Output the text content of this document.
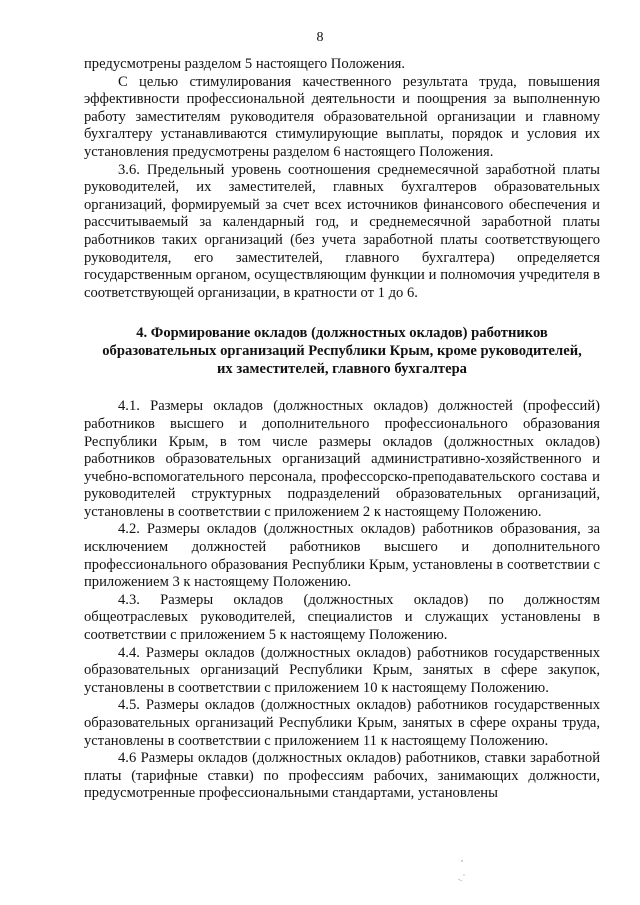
8

предусмотрены разделом 5 настоящего Положения.

С целью стимулирования качественного результата труда, повышения эффективности профессиональной деятельности и поощрения за выполненную работу заместителям руководителя образовательной организации и главному бухгалтеру устанавливаются стимулирующие выплаты, порядок и условия их установления предусмотрены разделом 6 настоящего Положения.

3.6. Предельный уровень соотношения среднемесячной заработной платы руководителей, их заместителей, главных бухгалтеров образовательных организаций, формируемый за счет всех источников финансового обеспечения и рассчитываемый за календарный год, и среднемесячной заработной платы работников таких организаций (без учета заработной платы соответствующего руководителя, его заместителей, главного бухгалтера) определяется государственным органом, осуществляющим функции и полномочия учредителя в соответствующей организации, в кратности от 1 до 6.

4. Формирование окладов (должностных окладов) работников
образовательных организаций Республики Крым, кроме руководителей,
их заместителей, главного бухгалтера

4.1. Размеры окладов (должностных окладов) должностей (профессий) работников высшего и дополнительного профессионального образования Республики Крым, в том числе размеры окладов (должностных окладов) работников образовательных организаций административно-хозяйственного и учебно-вспомогательного персонала, профессорско-преподавательского состава и руководителей структурных подразделений образовательных организаций, установлены в соответствии с приложением 2 к настоящему Положению.

4.2. Размеры окладов (должностных окладов) работников образования, за исключением должностей работников высшего и дополнительного профессионального образования Республики Крым, установлены в соответствии с приложением 3 к настоящему Положению.

4.3. Размеры окладов (должностных окладов) по должностям общеотраслевых руководителей, специалистов и служащих установлены в соответствии с приложением 5 к настоящему Положению.

4.4. Размеры окладов (должностных окладов) работников государственных образовательных организаций Республики Крым, занятых в сфере закупок, установлены в соответствии с приложением 10 к настоящему Положению.

4.5. Размеры окладов (должностных окладов) работников государственных образовательных организаций Республики Крым, занятых в сфере охраны труда, установлены в соответствии с приложением 11 к настоящему Положению.

4.6 Размеры окладов (должностных окладов) работников, ставки заработной платы (тарифные ставки) по профессиям рабочих, занимающих должности, предусмотренные профессиональными стандартами, установлены
